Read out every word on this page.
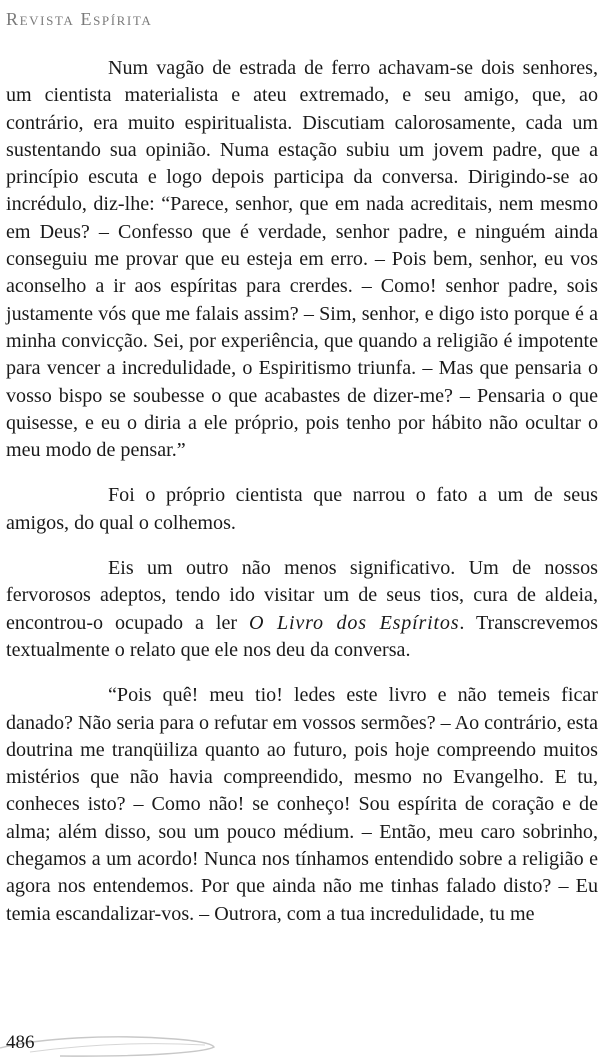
Revista Espírita

Num vagão de estrada de ferro achavam-se dois senhores, um cientista materialista e ateu extremado, e seu amigo, que, ao contrário, era muito espiritualista. Discutiam calorosamente, cada um sustentando sua opinião. Numa estação subiu um jovem padre, que a princípio escuta e logo depois participa da conversa. Dirigindo-se ao incrédulo, diz-lhe: “Parece, senhor, que em nada acreditais, nem mesmo em Deus? – Confesso que é verdade, senhor padre, e ninguém ainda conseguiu me provar que eu esteja em erro. – Pois bem, senhor, eu vos aconselho a ir aos espíritas para crerdes. – Como! senhor padre, sois justamente vós que me falais assim? – Sim, senhor, e digo isto porque é a minha convicção. Sei, por experiência, que quando a religião é impotente para vencer a incredulidade, o Espiritismo triunfa. – Mas que pensaria o vosso bispo se soubesse o que acabastes de dizer-me? – Pensaria o que quisesse, e eu o diria a ele próprio, pois tenho por hábito não ocultar o meu modo de pensar.”

Foi o próprio cientista que narrou o fato a um de seus amigos, do qual o colhemos.

Eis um outro não menos significativo. Um de nossos fervorosos adeptos, tendo ido visitar um de seus tios, cura de aldeia, encontrou-o ocupado a ler O Livro dos Espíritos. Transcrevemos textualmente o relato que ele nos deu da conversa.

“Pois quê! meu tio! ledes este livro e não temeis ficar danado? Não seria para o refutar em vossos sermões? – Ao contrário, esta doutrina me tranqüiliza quanto ao futuro, pois hoje compreendo muitos mistérios que não havia compreendido, mesmo no Evangelho. E tu, conheces isto? – Como não! se conheço! Sou espírita de coração e de alma; além disso, sou um pouco médium. – Então, meu caro sobrinho, chegamos a um acordo! Nunca nos tínhamos entendido sobre a religião e agora nos entendemos. Por que ainda não me tinhas falado disto? – Eu temia escandalizar-vos. – Outrora, com a tua incredulidade, tu me

486
